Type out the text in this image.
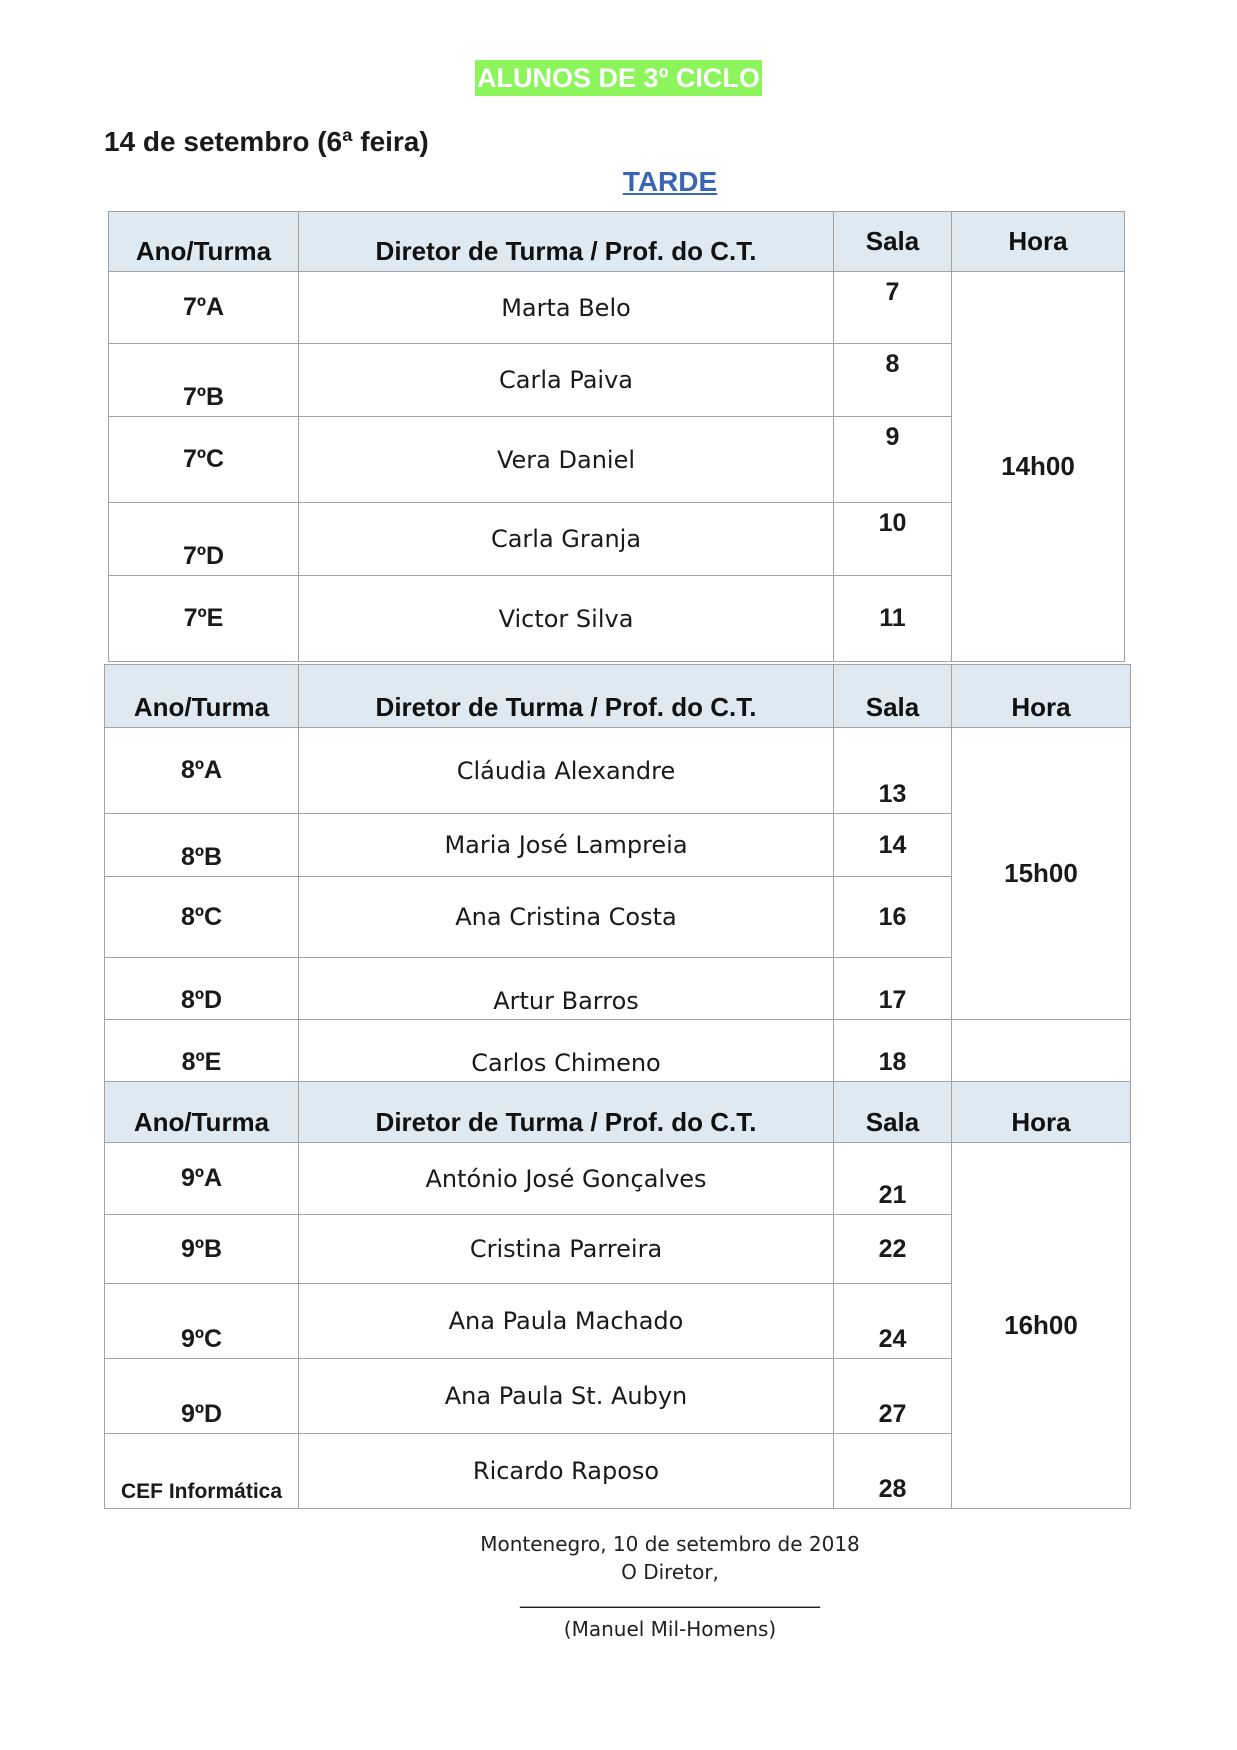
ALUNOS DE 3º CICLO
14 de setembro (6ª feira)
TARDE
Ano/Turma	Diretor de Turma / Prof. do C.T.	Sala	Hora
7ºA	Marta Belo	7	14h00
7ºB	Carla Paiva	8	
7ºC	Vera Daniel	9	
7ºD	Carla Granja	10	
7ºE	Victor Silva	11	
Ano/Turma	Diretor de Turma / Prof. do C.T.	Sala	Hora
8ºA	Cláudia Alexandre	13	15h00
8ºB	Maria José Lampreia	14	
8ºC	Ana Cristina Costa	16	
8ºD	Artur Barros	17	
8ºE	Carlos Chimeno	18	
Ano/Turma	Diretor de Turma / Prof. do C.T.	Sala	Hora
9ºA	António José Gonçalves	21	16h00
9ºB	Cristina Parreira	22	
9ºC	Ana Paula Machado	24	
9ºD	Ana Paula St. Aubyn	27	
CEF Informática	Ricardo Raposo	28	
Montenegro, 10 de setembro de 2018
O Diretor,
______________________________
(Manuel Mil-Homens)
